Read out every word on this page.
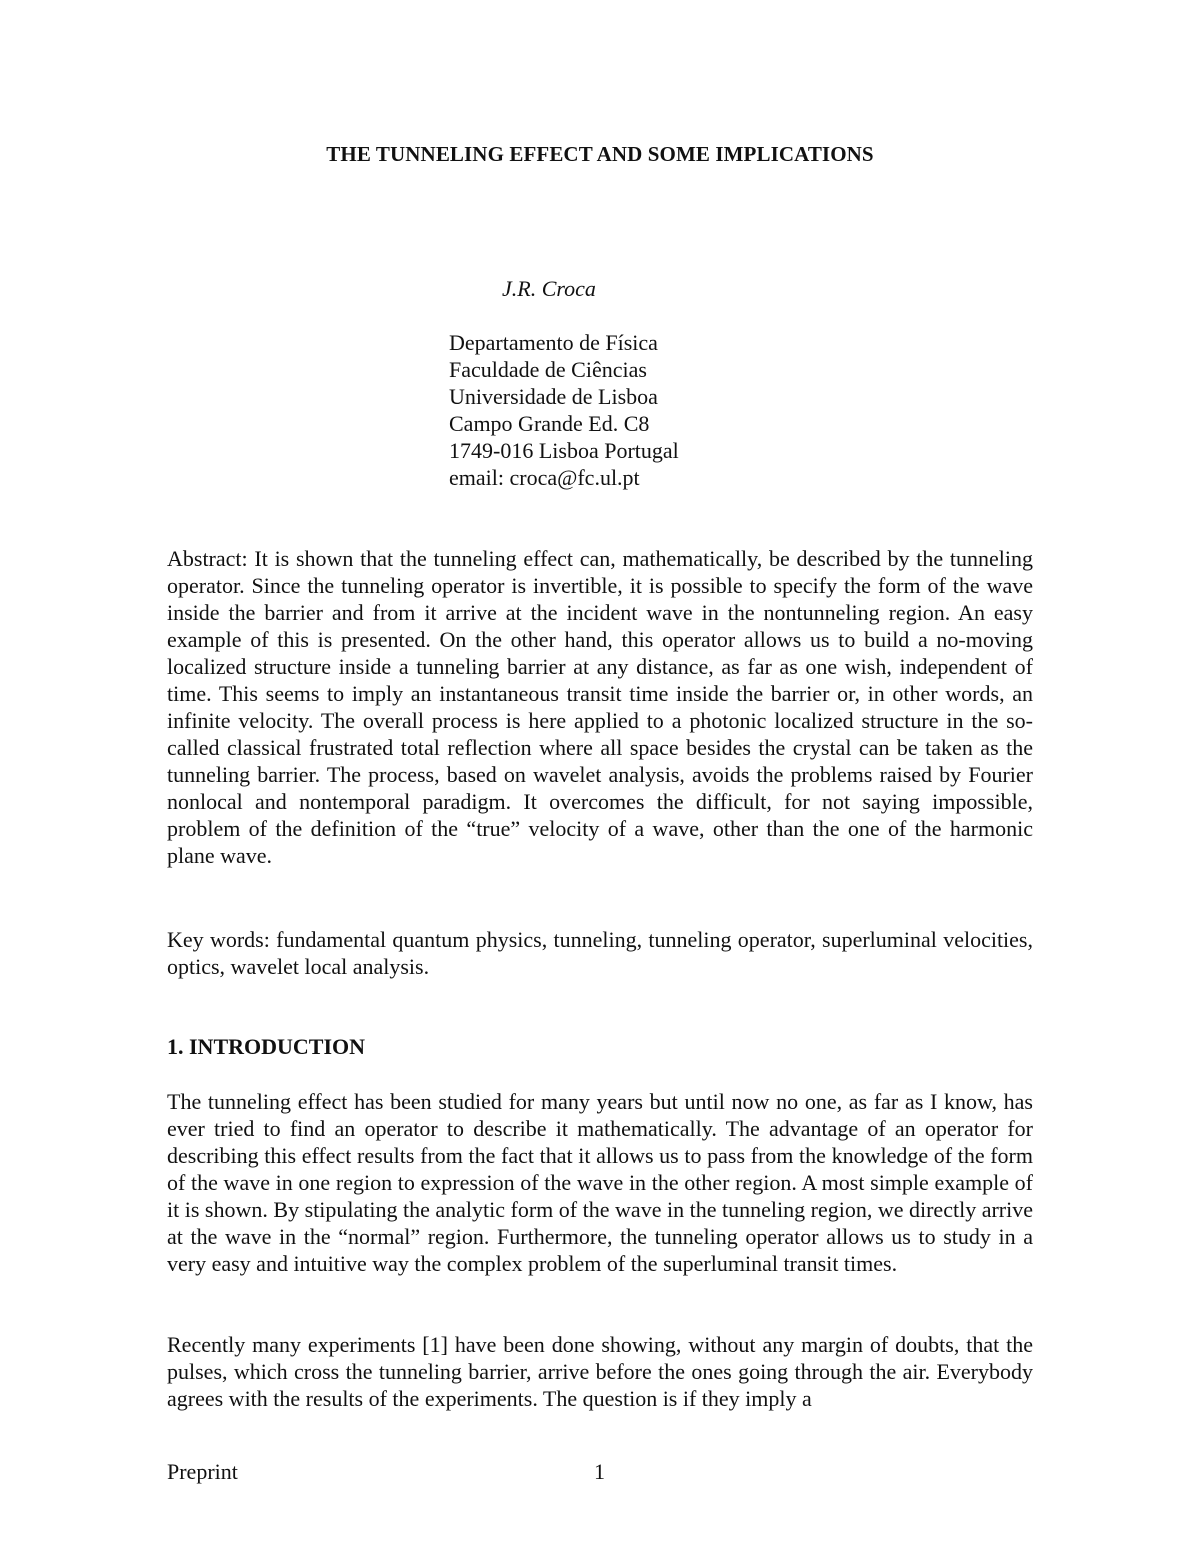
THE TUNNELING EFFECT AND SOME IMPLICATIONS
J.R. Croca
Departamento de Física
Faculdade de Ciências
Universidade de Lisboa
Campo Grande Ed. C8
1749-016 Lisboa Portugal
email: croca@fc.ul.pt

Abstract: It is shown that the tunneling effect can, mathematically, be described by the tunneling operator. Since the tunneling operator is invertible, it is possible to specify the form of the wave inside the barrier and from it arrive at the incident wave in the nontunneling region. An easy example of this is presented. On the other hand, this operator allows us to build a no-moving localized structure inside a tunneling barrier at any distance, as far as one wish, independent of time. This seems to imply an instantaneous transit time inside the barrier or, in other words, an infinite velocity. The overall process is here applied to a photonic localized structure in the so-called classical frustrated total reflection where all space besides the crystal can be taken as the tunneling barrier. The process, based on wavelet analysis, avoids the problems raised by Fourier nonlocal and nontemporal paradigm. It overcomes the difficult, for not saying impossible, problem of the definition of the “true” velocity of a wave, other than the one of the harmonic plane wave.

Key words: fundamental quantum physics, tunneling, tunneling operator, superluminal velocities, optics, wavelet local analysis.

1. INTRODUCTION

The tunneling effect has been studied for many years but until now no one, as far as I know, has ever tried to find an operator to describe it mathematically. The advantage of an operator for describing this effect results from the fact that it allows us to pass from the knowledge of the form of the wave in one region to expression of the wave in the other region. A most simple example of it is shown. By stipulating the analytic form of the wave in the tunneling region, we directly arrive at the wave in the “normal” region. Furthermore, the tunneling operator allows us to study in a very easy and intuitive way the complex problem of the superluminal transit times.

Recently many experiments [1] have been done showing, without any margin of doubts, that the pulses, which cross the tunneling barrier, arrive before the ones going through the air. Everybody agrees with the results of the experiments. The question is if they imply a

Preprint	1
